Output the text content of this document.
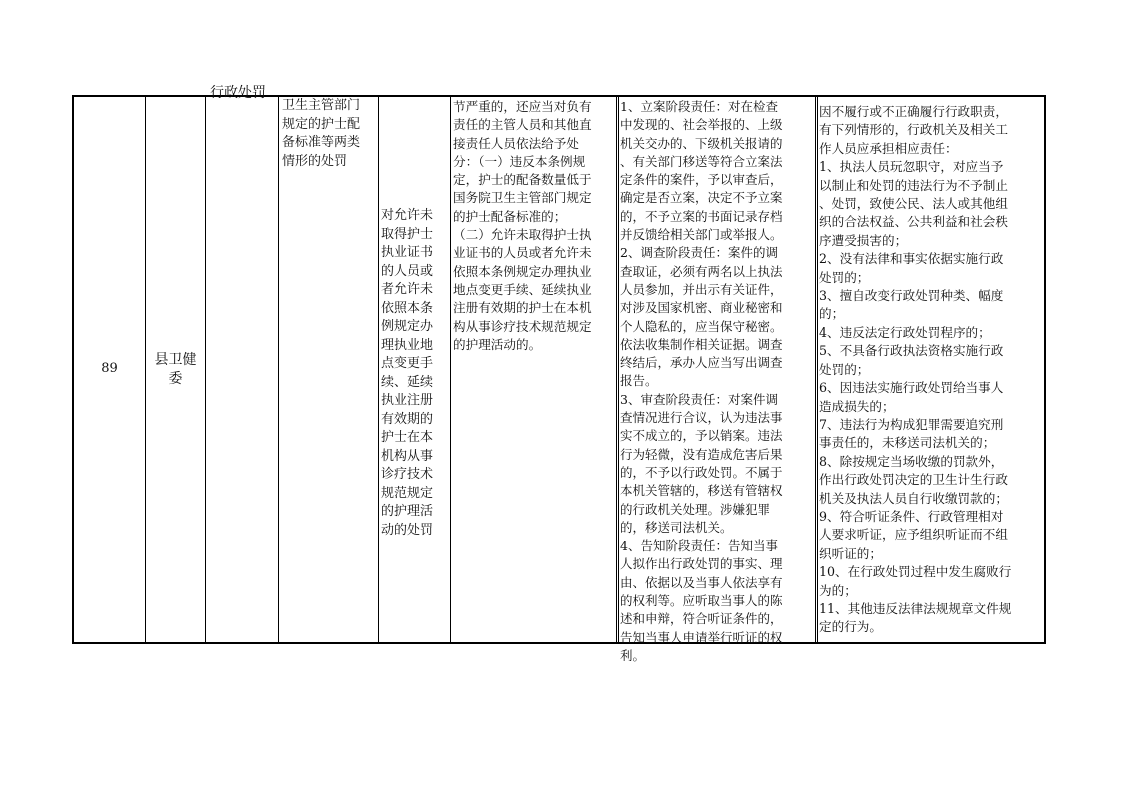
89
县卫健
委
行政处罚
卫生主管部门
规定的护士配
备标准等两类
情形的处罚
对允许未
取得护士
执业证书
的人员或
者允许未
依照本条
例规定办
理执业地
点变更手
续、延续
执业注册
有效期的
护士在本
机构从事
诊疗技术
规范规定
的护理活
动的处罚
节严重的，还应当对负有
责任的主管人员和其他直
接责任人员依法给予处
分：（一）违反本条例规
定，护士的配备数量低于
国务院卫生主管部门规定
的护士配备标准的；
（二）允许未取得护士执
业证书的人员或者允许未
依照本条例规定办理执业
地点变更手续、延续执业
注册有效期的护士在本机
构从事诊疗技术规范规定
的护理活动的。
1、立案阶段责任：对在检查
中发现的、社会举报的、上级
机关交办的、下级机关报请的
、有关部门移送等符合立案法
定条件的案件，予以审查后，
确定是否立案，决定不予立案
的，不予立案的书面记录存档
并反馈给相关部门或举报人。
2、调查阶段责任：案件的调
查取证，必须有两名以上执法
人员参加，并出示有关证件，
对涉及国家机密、商业秘密和
个人隐私的，应当保守秘密。
依法收集制作相关证据。调查
终结后，承办人应当写出调查
报告。
3、审查阶段责任：对案件调
查情况进行合议，认为违法事
实不成立的，予以销案。违法
行为轻微，没有造成危害后果
的，不予以行政处罚。不属于
本机关管辖的，移送有管辖权
的行政机关处理。涉嫌犯罪
的，移送司法机关。
4、告知阶段责任：告知当事
人拟作出行政处罚的事实、理
由、依据以及当事人依法享有
的权利等。应听取当事人的陈
述和申辩，符合听证条件的，
告知当事人申请举行听证的权
利。
因不履行或不正确履行行政职责，
有下列情形的，行政机关及相关工
作人员应承担相应责任：
1、执法人员玩忽职守，对应当予
以制止和处罚的违法行为不予制止
、处罚，致使公民、法人或其他组
织的合法权益、公共利益和社会秩
序遭受损害的；
2、没有法律和事实依据实施行政
处罚的；
3、擅自改变行政处罚种类、幅度
的；
4、违反法定行政处罚程序的；
5、不具备行政执法资格实施行政
处罚的；
6、因违法实施行政处罚给当事人
造成损失的；
7、违法行为构成犯罪需要追究刑
事责任的，未移送司法机关的；
8、除按规定当场收缴的罚款外，
作出行政处罚决定的卫生计生行政
机关及执法人员自行收缴罚款的；
9、符合听证条件、行政管理相对
人要求听证，应予组织听证而不组
织听证的；
10、在行政处罚过程中发生腐败行
为的；
11、其他违反法律法规规章文件规
定的行为。
